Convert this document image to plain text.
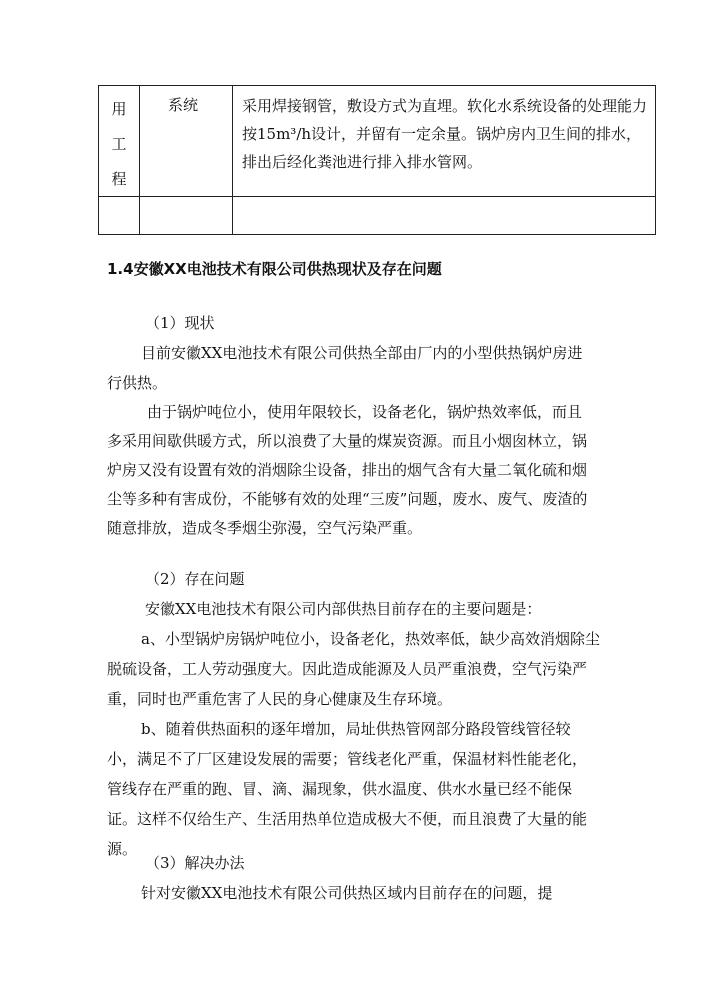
用工程
系统	采用焊接钢管，敷设方式为直埋。软化水系统设备的处理能力按15m³/h设计，并留有一定余量。锅炉房内卫生间的排水，排出后经化粪池进行排入排水管网。
1.4安徽XX电池技术有限公司供热现状及存在问题
（1）现状
目前安徽XX电池技术有限公司供热全部由厂内的小型供热锅炉房进行供热。
由于锅炉吨位小，使用年限较长，设备老化，锅炉热效率低，而且多采用间歇供暖方式，所以浪费了大量的煤炭资源。而且小烟囱林立，锅炉房又没有设置有效的消烟除尘设备，排出的烟气含有大量二氧化硫和烟尘等多种有害成份，不能够有效的处理“三废”问题，废水、废气、废渣的随意排放，造成冬季烟尘弥漫，空气污染严重。
（2）存在问题
安徽XX电池技术有限公司内部供热目前存在的主要问题是：
a、小型锅炉房锅炉吨位小，设备老化，热效率低，缺少高效消烟除尘脱硫设备，工人劳动强度大。因此造成能源及人员严重浪费，空气污染严重，同时也严重危害了人民的身心健康及生存环境。
b、随着供热面积的逐年增加，局址供热管网部分路段管线管径较小，满足不了厂区建设发展的需要；管线老化严重，保温材料性能老化，管线存在严重的跑、冒、滴、漏现象，供水温度、供水水量已经不能保证。这样不仅给生产、生活用热单位造成极大不便，而且浪费了大量的能源。
（3）解决办法
针对安徽XX电池技术有限公司供热区域内目前存在的问题，提
